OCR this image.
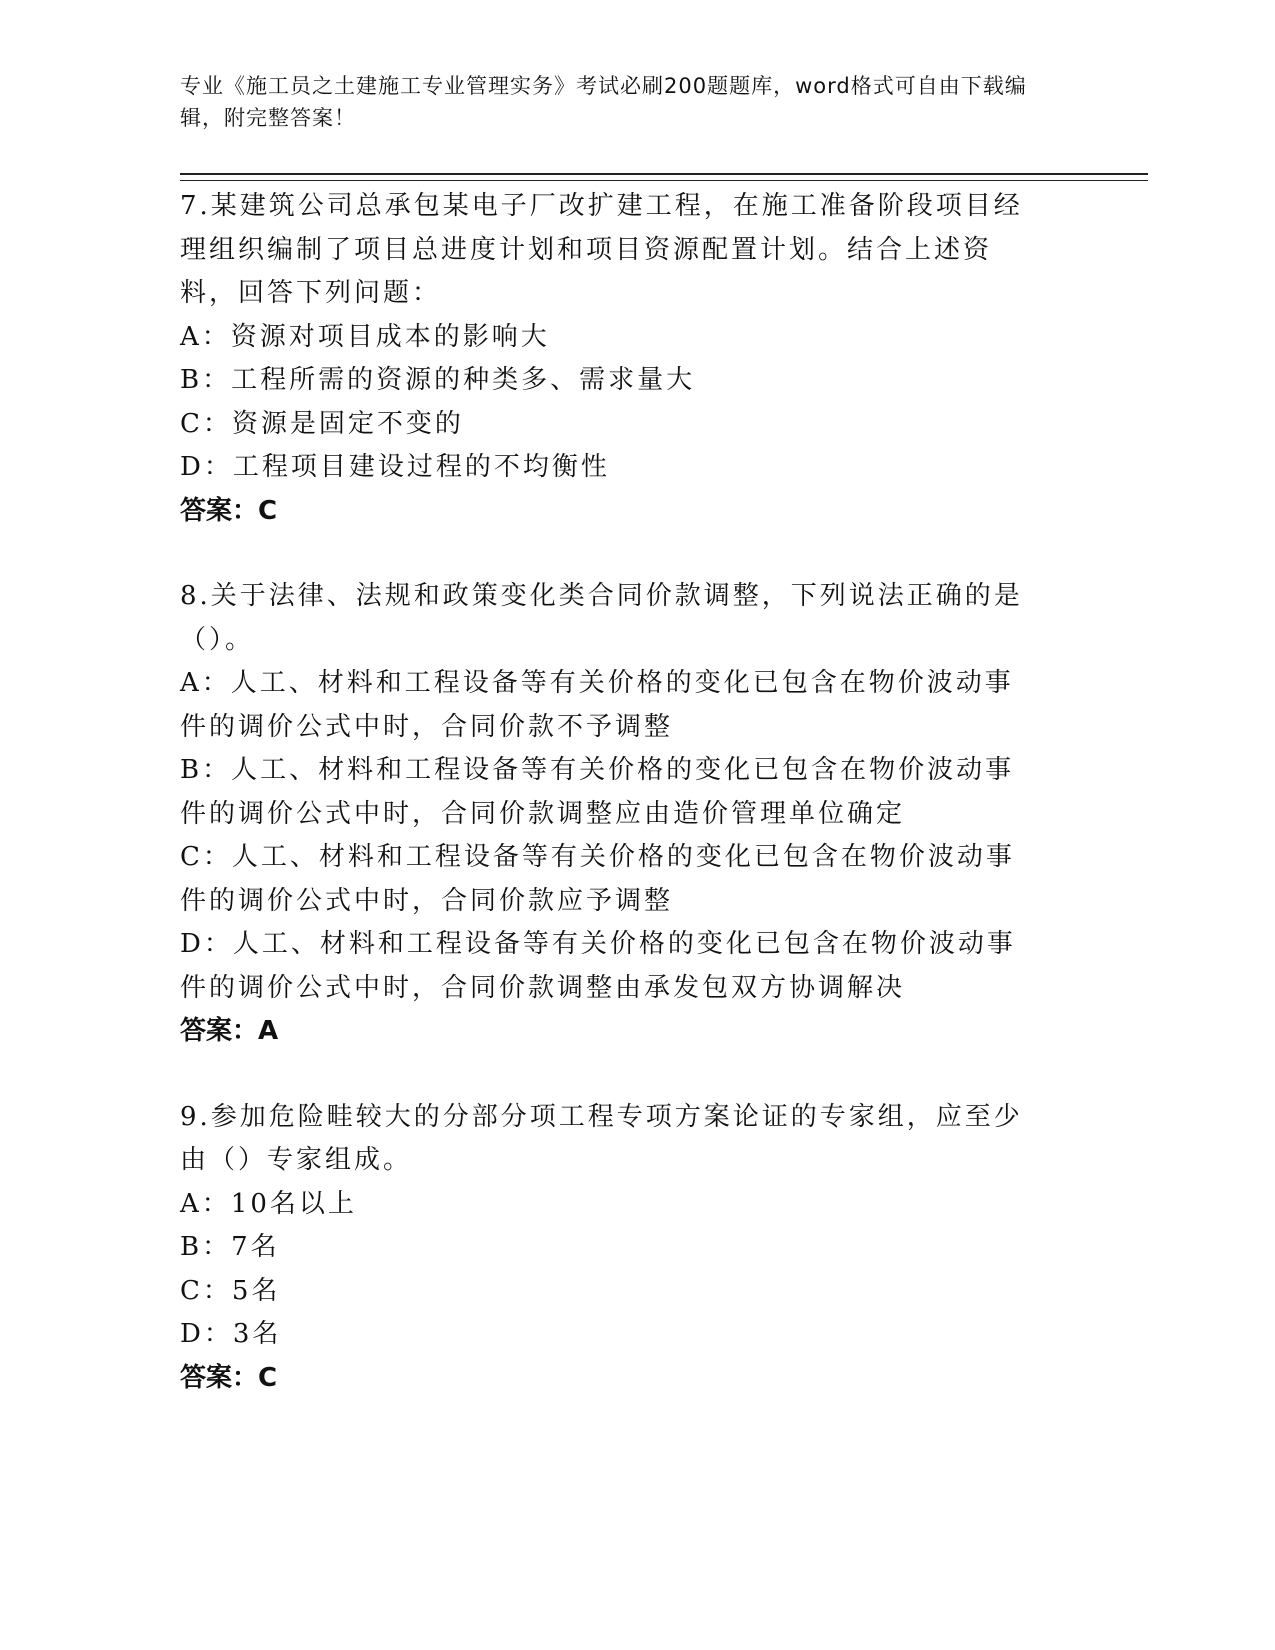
专业《施工员之土建施工专业管理实务》考试必刷200题题库，word格式可自由下载编辑，附完整答案！

7.某建筑公司总承包某电子厂改扩建工程，在施工准备阶段项目经理组织编制了项目总进度计划和项目资源配置计划。结合上述资料，回答下列问题：

A：资源对项目成本的影响大

B：工程所需的资源的种类多、需求量大

C：资源是固定不变的

D：工程项目建设过程的不均衡性

答案：C

8.关于法律、法规和政策变化类合同价款调整，下列说法正确的是（）。

A：人工、材料和工程设备等有关价格的变化已包含在物价波动事件的调价公式中时，合同价款不予调整

B：人工、材料和工程设备等有关价格的变化已包含在物价波动事件的调价公式中时，合同价款调整应由造价管理单位确定

C：人工、材料和工程设备等有关价格的变化已包含在物价波动事件的调价公式中时，合同价款应予调整

D：人工、材料和工程设备等有关价格的变化已包含在物价波动事件的调价公式中时，合同价款调整由承发包双方协调解决

答案：A

9.参加危险畦较大的分部分项工程专项方案论证的专家组，应至少由（）专家组成。

A：10名以上

B：7名

C：5名

D：3名

答案：C
